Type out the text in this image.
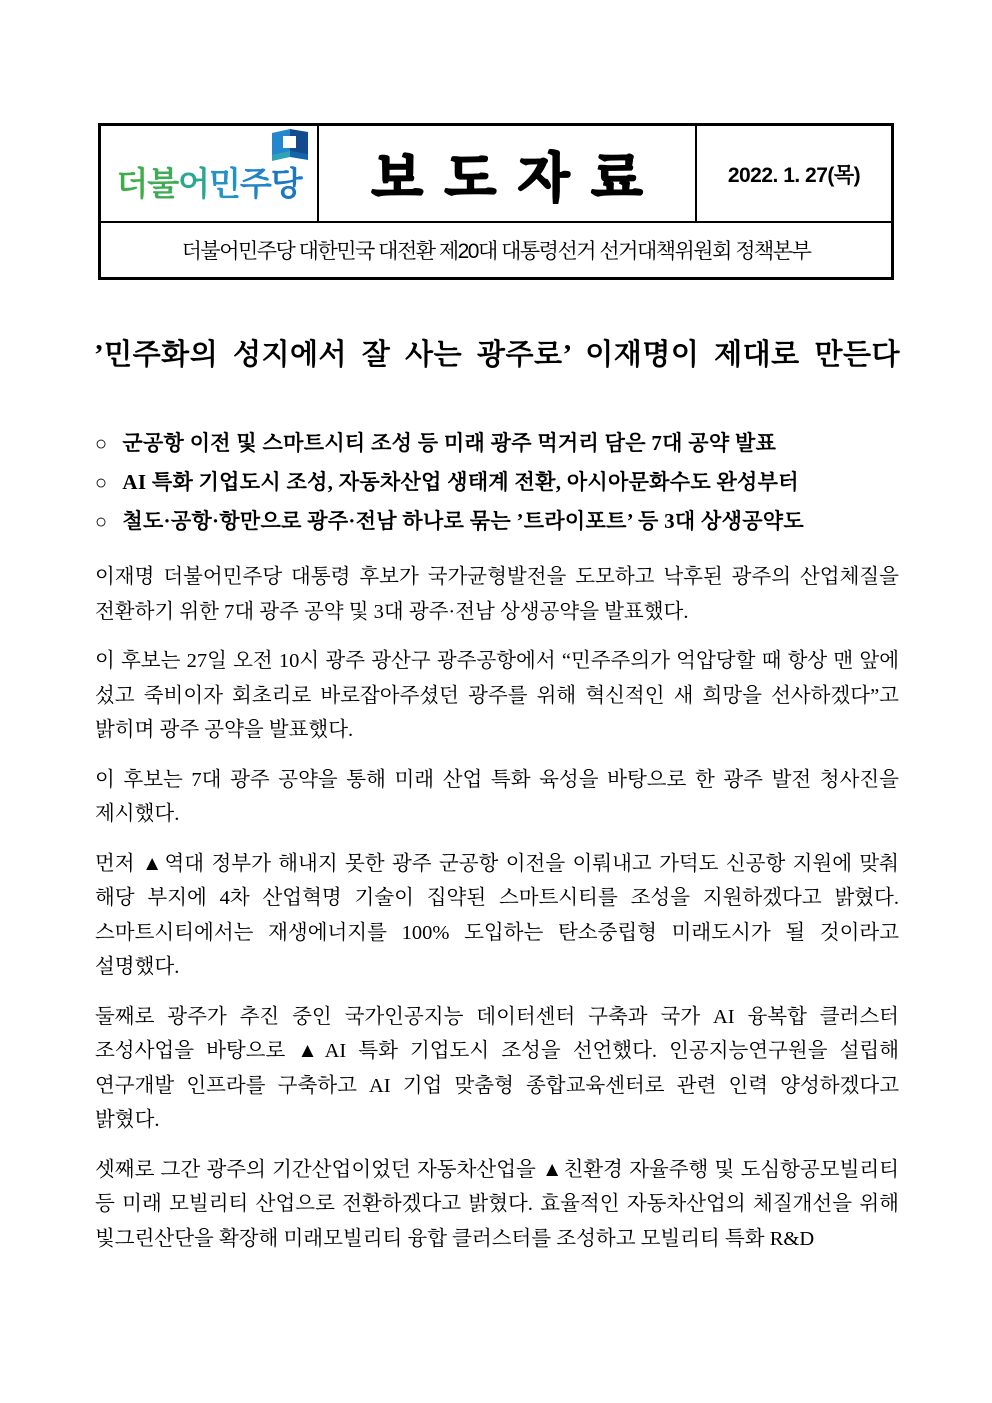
더불어민주당 보도자료	2022. 1. 27(목)
더불어민주당 대한민국 대전환 제20대 대통령선거 선거대책위원회 정책본부
’민주화의 성지에서 잘 사는 광주로’ 이재명이 제대로 만든다
○ 군공항 이전 및 스마트시티 조성 등 미래 광주 먹거리 담은 7대 공약 발표
○ AI 특화 기업도시 조성, 자동차산업 생태계 전환, 아시아문화수도 완성부터
○ 철도·공항·항만으로 광주·전남 하나로 묶는 ’트라이포트’ 등 3대 상생공약도

이재명 더불어민주당 대통령 후보가 국가균형발전을 도모하고 낙후된 광주의 산업체질을 전환하기 위한 7대 광주 공약 및 3대 광주·전남 상생공약을 발표했다.

이 후보는 27일 오전 10시 광주 광산구 광주공항에서 “민주주의가 억압당할 때 항상 맨 앞에 섰고 죽비이자 회초리로 바로잡아주셨던 광주를 위해 혁신적인 새 희망을 선사하겠다”고 밝히며 광주 공약을 발표했다.

이 후보는 7대 광주 공약을 통해 미래 산업 특화 육성을 바탕으로 한 광주 발전 청사진을 제시했다.

먼저 ▲역대 정부가 해내지 못한 광주 군공항 이전을 이뤄내고 가덕도 신공항 지원에 맞춰 해당 부지에 4차 산업혁명 기술이 집약된 스마트시티를 조성을 지원하겠다고 밝혔다. 스마트시티에서는 재생에너지를 100% 도입하는 탄소중립형 미래도시가 될 것이라고 설명했다.

둘째로 광주가 추진 중인 국가인공지능 데이터센터 구축과 국가 AI 융복합 클러스터 조성사업을 바탕으로 ▲AI 특화 기업도시 조성을 선언했다. 인공지능연구원을 설립해 연구개발 인프라를 구축하고 AI 기업 맞춤형 종합교육센터로 관련 인력 양성하겠다고 밝혔다.

셋째로 그간 광주의 기간산업이었던 자동차산업을 ▲친환경 자율주행 및 도심항공모빌리티 등 미래 모빌리티 산업으로 전환하겠다고 밝혔다. 효율적인 자동차산업의 체질개선을 위해 빛그린산단을 확장해 미래모빌리티 융합 클러스터를 조성하고 모빌리티 특화 R&D
